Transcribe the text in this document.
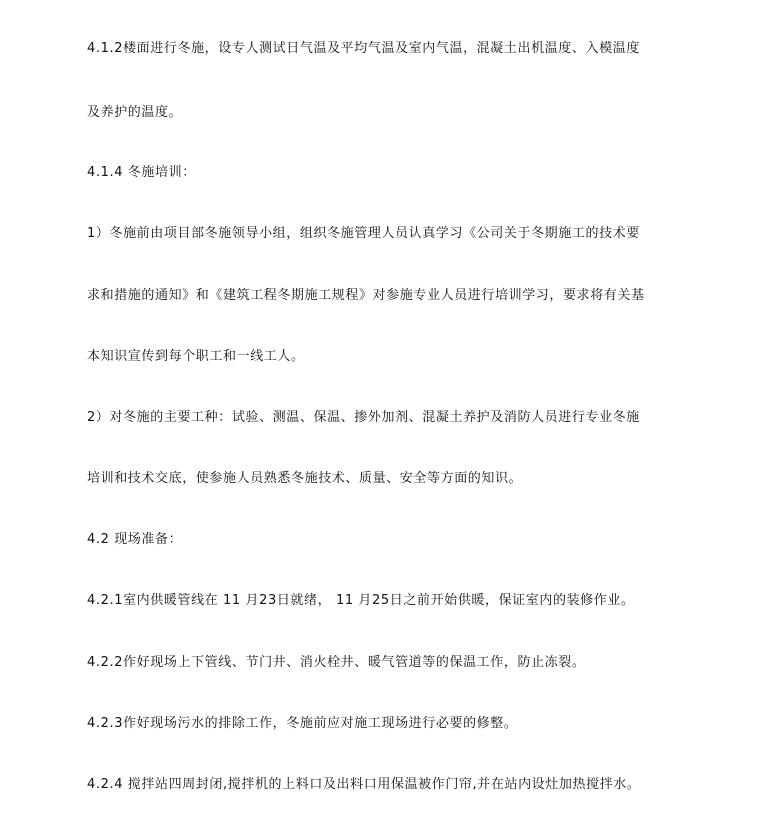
4.1.2楼面进行冬施，设专人测试日气温及平均气温及室内气温，混凝土出机温度、入模温度
及养护的温度。
4.1.4 冬施培训：
1）冬施前由项目部冬施领导小组，组织冬施管理人员认真学习《公司关于冬期施工的技术要
求和措施的通知》和《建筑工程冬期施工规程》对参施专业人员进行培训学习，要求将有关基
本知识宣传到每个职工和一线工人。
2）对冬施的主要工种：试验、测温、保温、掺外加剂、混凝土养护及消防人员进行专业冬施
培训和技术交底，使参施人员熟悉冬施技术、质量、安全等方面的知识。
4.2 现场准备：
4.2.1室内供暖管线在 11 月23日就绪， 11 月25日之前开始供暖，保证室内的装修作业。
4.2.2作好现场上下管线、节门井、消火栓井、暖气管道等的保温工作，防止冻裂。
4.2.3作好现场污水的排除工作，冬施前应对施工现场进行必要的修整。
4.2.4 搅拌站四周封闭,搅拌机的上料口及出料口用保温被作门帘,并在站内设灶加热搅拌水。
